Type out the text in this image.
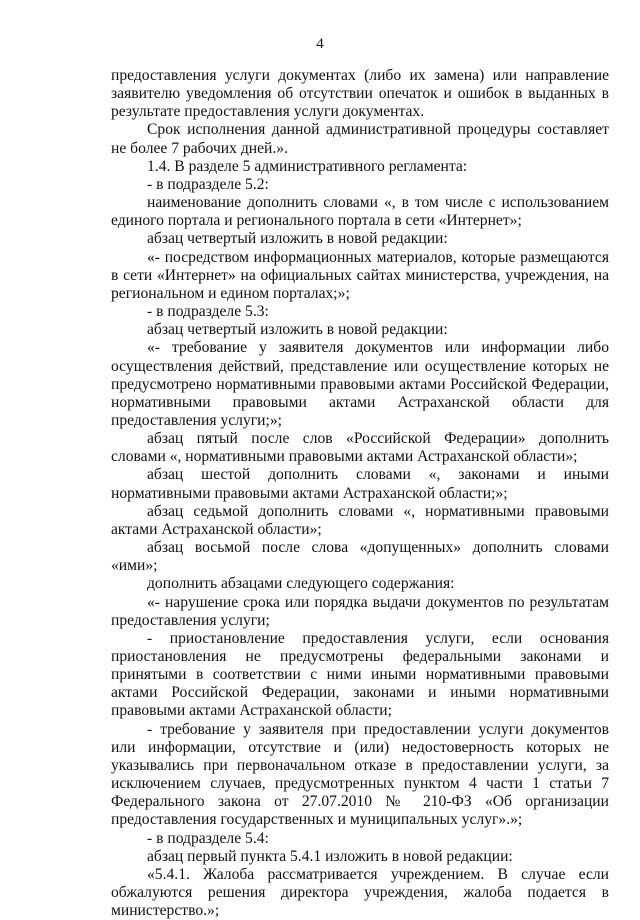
4

предоставления услуги документах (либо их замена) или направление заявителю уведомления об отсутствии опечаток и ошибок в выданных в результате предоставления услуги документах.

Срок исполнения данной административной процедуры составляет не более 7 рабочих дней.».

1.4. В разделе 5 административного регламента:

- в подразделе 5.2:

наименование дополнить словами «, в том числе с использованием единого портала и регионального портала в сети «Интернет»;

абзац четвертый изложить в новой редакции:

«- посредством информационных материалов, которые размещаются в сети «Интернет» на официальных сайтах министерства, учреждения, на региональном и едином порталах;»;

- в подразделе 5.3:

абзац четвертый изложить в новой редакции:

«- требование у заявителя документов или информации либо осуществления действий, представление или осуществление которых не предусмотрено нормативными правовыми актами Российской Федерации, нормативными правовыми актами Астраханской области для предоставления услуги;»;

абзац пятый после слов «Российской Федерации» дополнить словами «, нормативными правовыми актами Астраханской области»;

абзац шестой дополнить словами «, законами и иными нормативными правовыми актами Астраханской области;»;

абзац седьмой дополнить словами «, нормативными правовыми актами Астраханской области»;

абзац восьмой после слова «допущенных» дополнить словами «ими»;

дополнить абзацами следующего содержания:

«- нарушение срока или порядка выдачи документов по результатам предоставления услуги;

- приостановление предоставления услуги, если основания приостановления не предусмотрены федеральными законами и принятыми в соответствии с ними иными нормативными правовыми актами Российской Федерации, законами и иными нормативными правовыми актами Астраханской области;

- требование у заявителя при предоставлении услуги документов или информации, отсутствие и (или) недостоверность которых не указывались при первоначальном отказе в предоставлении услуги, за исключением случаев, предусмотренных пунктом 4 части 1 статьи 7 Федерального закона от 27.07.2010 № 210-ФЗ «Об организации предоставления государственных и муниципальных услуг».»;

- в подразделе 5.4:

абзац первый пункта 5.4.1 изложить в новой редакции:

«5.4.1. Жалоба рассматривается учреждением. В случае если обжалуются решения директора учреждения, жалоба подается в министерство.»;
